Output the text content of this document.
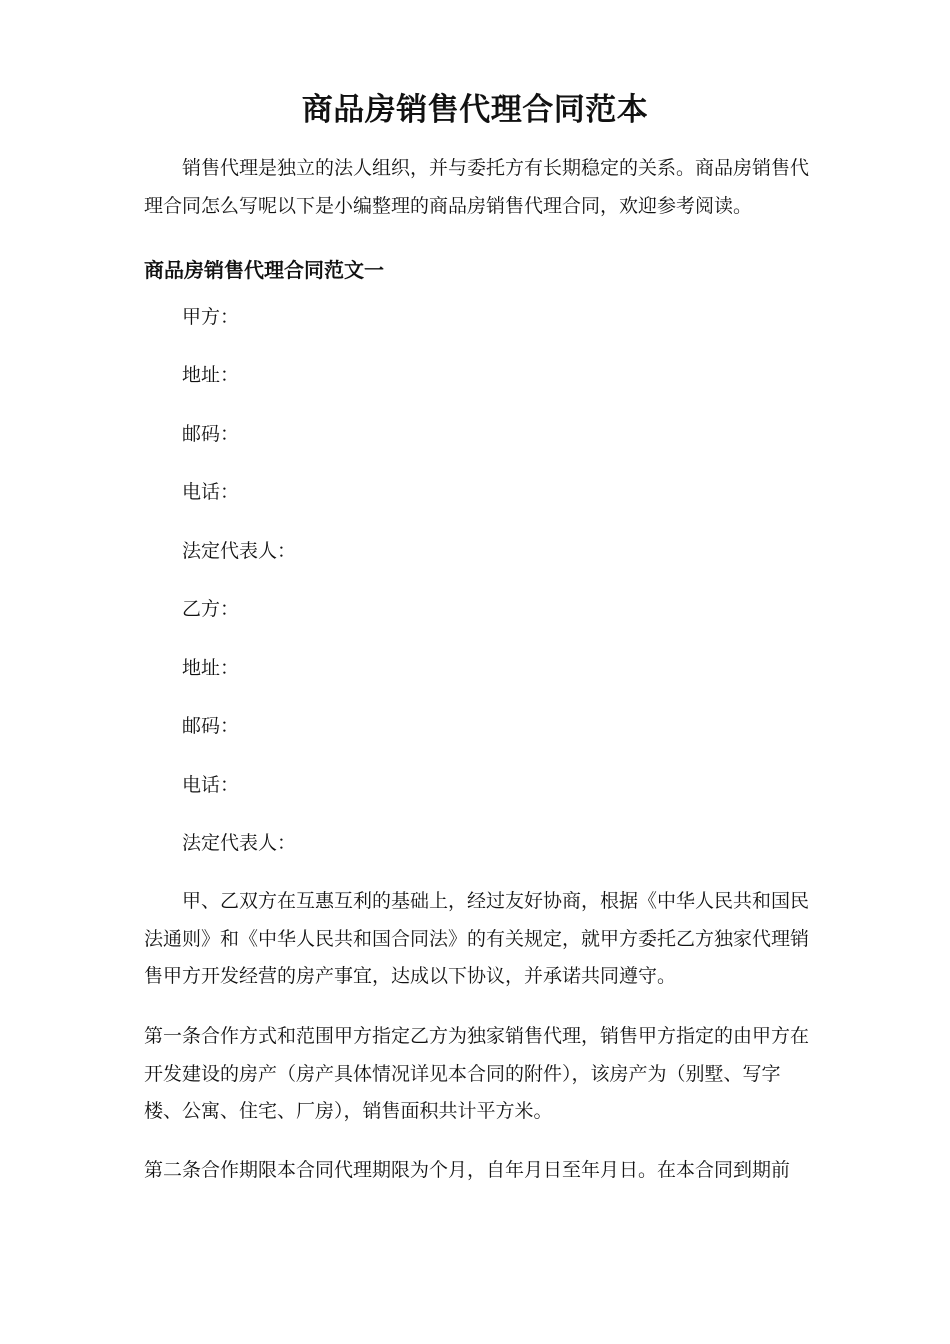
商品房销售代理合同范本

销售代理是独立的法人组织，并与委托方有长期稳定的关系。商品房销售代理合同怎么写呢以下是小编整理的商品房销售代理合同，欢迎参考阅读。

商品房销售代理合同范文一
甲方：
地址：
邮码：
电话：
法定代表人：
乙方：
地址：
邮码：
电话：
法定代表人：

甲、乙双方在互惠互利的基础上，经过友好协商，根据《中华人民共和国民法通则》和《中华人民共和国合同法》的有关规定，就甲方委托乙方独家代理销售甲方开发经营的房产事宜，达成以下协议，并承诺共同遵守。

第一条合作方式和范围甲方指定乙方为独家销售代理，销售甲方指定的由甲方在开发建设的房产（房产具体情况详见本合同的附件），该房产为（别墅、写字楼、公寓、住宅、厂房），销售面积共计平方米。

第二条合作期限本合同代理期限为个月，自年月日至年月日。在本合同到期前
